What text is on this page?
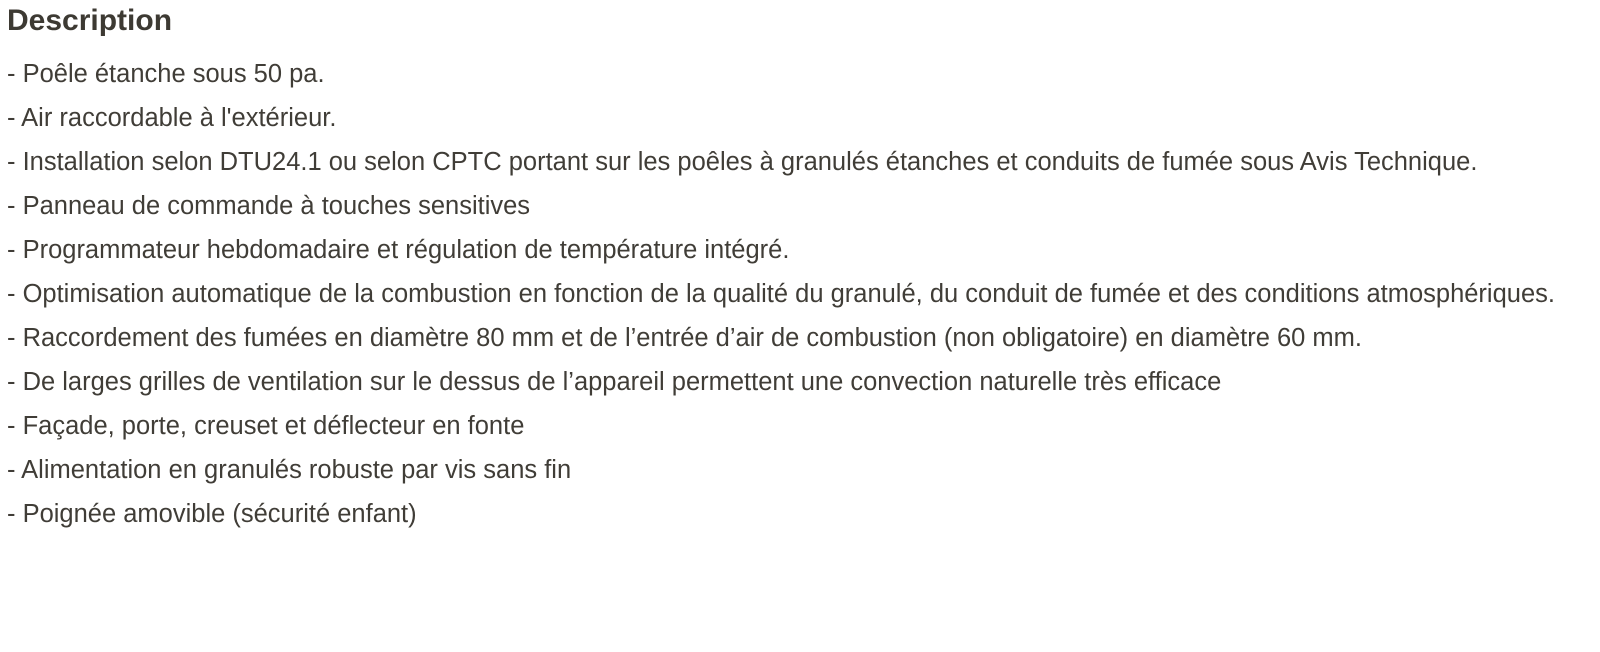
Description
- Poêle étanche sous 50 pa.
- Air raccordable à l'extérieur.
- Installation selon DTU24.1 ou selon CPTC portant sur les poêles à granulés étanches et conduits de fumée sous Avis Technique.
- Panneau de commande à touches sensitives
- Programmateur hebdomadaire et régulation de température intégré.
- Optimisation automatique de la combustion en fonction de la qualité du granulé, du conduit de fumée et des conditions atmosphériques.
- Raccordement des fumées en diamètre 80 mm et de l’entrée d’air de combustion (non obligatoire) en diamètre 60 mm.
- De larges grilles de ventilation sur le dessus de l’appareil permettent une convection naturelle très efficace
- Façade, porte, creuset et déflecteur en fonte
- Alimentation en granulés robuste par vis sans fin
- Poignée amovible (sécurité enfant)
